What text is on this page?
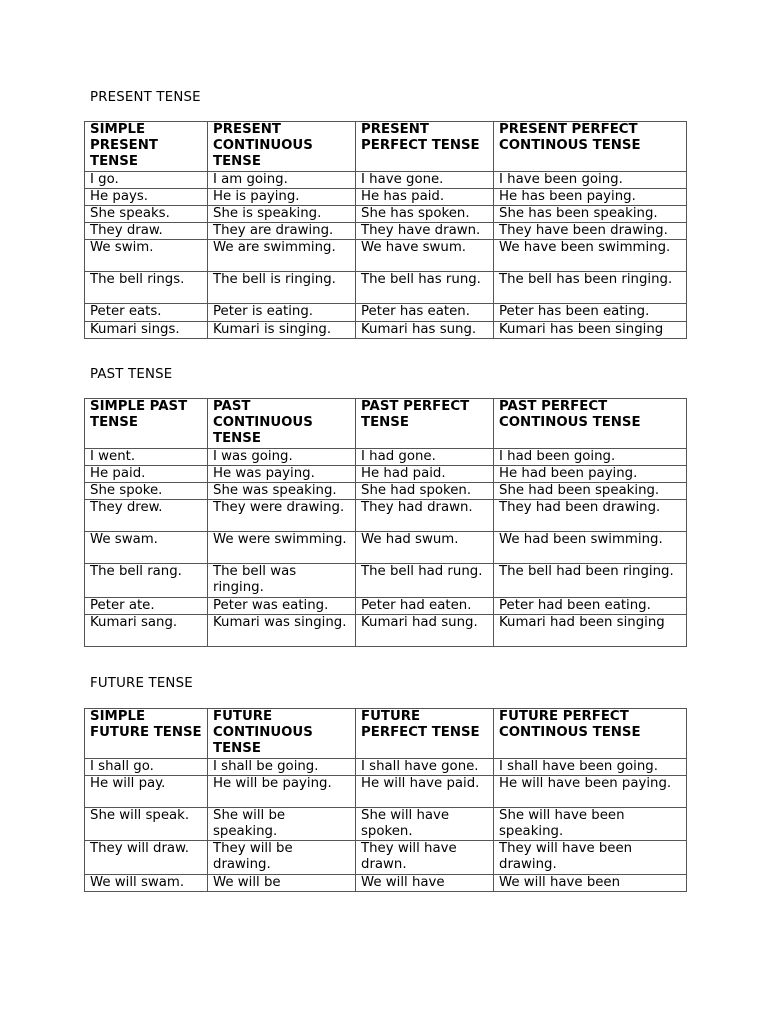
PRESENT TENSE
SIMPLE PRESENT TENSE	PRESENT CONTINUOUS TENSE	PRESENT PERFECT TENSE	PRESENT PERFECT CONTINOUS TENSE
I go.	I am going.	I have gone.	I have been going.
He pays.	He is paying.	He has paid.	He has been paying.
She speaks.	She is speaking.	She has spoken.	She has been speaking.
They draw.	They are drawing.	They have drawn.	They have been drawing.
We swim.	We are swimming.	We have swum.	We have been swimming.
The bell rings.	The bell is ringing.	The bell has rung.	The bell has been ringing.
Peter eats.	Peter is eating.	Peter has eaten.	Peter has been eating.
Kumari sings.	Kumari is singing.	Kumari has sung.	Kumari has been singing
PAST TENSE
SIMPLE PAST TENSE	PAST CONTINUOUS TENSE	PAST PERFECT TENSE	PAST PERFECT CONTINOUS TENSE
I went.	I was going.	I had gone.	I had been going.
He paid.	He was paying.	He had paid.	He had been paying.
She spoke.	She was speaking.	She had spoken.	She had been speaking.
They drew.	They were drawing.	They had drawn.	They had been drawing.
We swam.	We were swimming.	We had swum.	We had been swimming.
The bell rang.	The bell was ringing.	The bell had rung.	The bell had been ringing.
Peter ate.	Peter was eating.	Peter had eaten.	Peter had been eating.
Kumari sang.	Kumari was singing.	Kumari had sung.	Kumari had been singing
FUTURE TENSE
SIMPLE FUTURE TENSE	FUTURE CONTINUOUS TENSE	FUTURE PERFECT TENSE	FUTURE PERFECT CONTINOUS TENSE
I shall go.	I shall be going.	I shall have gone.	I shall have been going.
He will pay.	He will be paying.	He will have paid.	He will have been paying.
She will speak.	She will be speaking.	She will have spoken.	She will have been speaking.
They will draw.	They will be drawing.	They will have drawn.	They will have been drawing.
We will swam.	We will be	We will have	We will have been
